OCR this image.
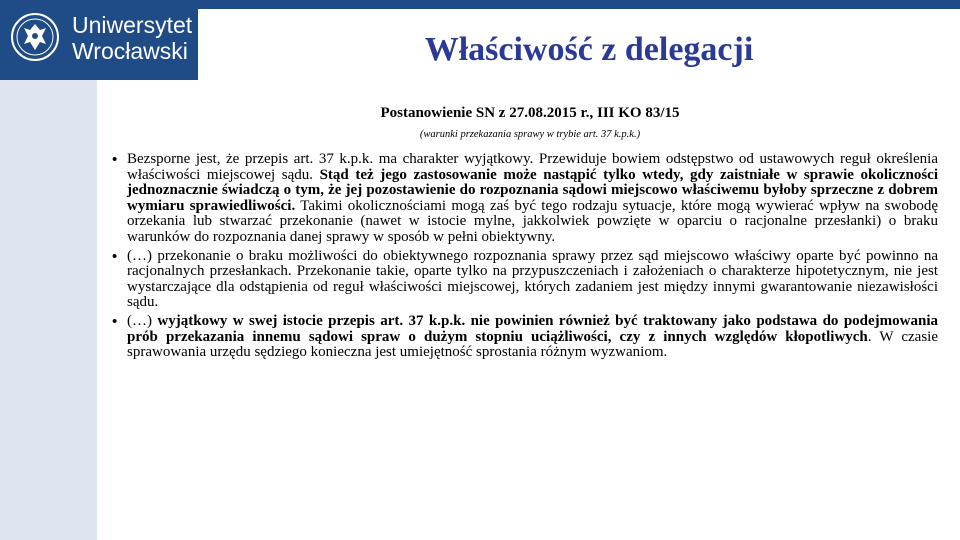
Uniwersytet
Wrocławski	Właściwość z delegacji
Postanowienie SN z 27.08.2015 r., III KO 83/15
(warunki przekazania sprawy w trybie art. 37 k.p.k.)
• Bezsporne jest, że przepis art. 37 k.p.k. ma charakter wyjątkowy. Przewiduje bowiem odstępstwo od ustawowych reguł określenia właściwości miejscowej sądu. Stąd też jego zastosowanie może nastąpić tylko wtedy, gdy zaistniałe w sprawie okoliczności jednoznacznie świadczą o tym, że jej pozostawienie do rozpoznania sądowi miejscowo właściwemu byłoby sprzeczne z dobrem wymiaru sprawiedliwości. Takimi okolicznościami mogą zaś być tego rodzaju sytuacje, które mogą wywierać wpływ na swobodę orzekania lub stwarzać przekonanie (nawet w istocie mylne, jakkolwiek powzięte w oparciu o racjonalne przesłanki) o braku warunków do rozpoznania danej sprawy w sposób w pełni obiektywny.
• (…) przekonanie o braku możliwości do obiektywnego rozpoznania sprawy przez sąd miejscowo właściwy oparte być powinno na racjonalnych przesłankach. Przekonanie takie, oparte tylko na przypuszczeniach i założeniach o charakterze hipotetycznym, nie jest wystarczające dla odstąpienia od reguł właściwości miejscowej, których zadaniem jest między innymi gwarantowanie niezawisłości sądu.
• (…) wyjątkowy w swej istocie przepis art. 37 k.p.k. nie powinien również być traktowany jako podstawa do podejmowania prób przekazania innemu sądowi spraw o dużym stopniu uciążliwości, czy z innych względów kłopotliwych. W czasie sprawowania urzędu sędziego konieczna jest umiejętność sprostania różnym wyzwaniom.
